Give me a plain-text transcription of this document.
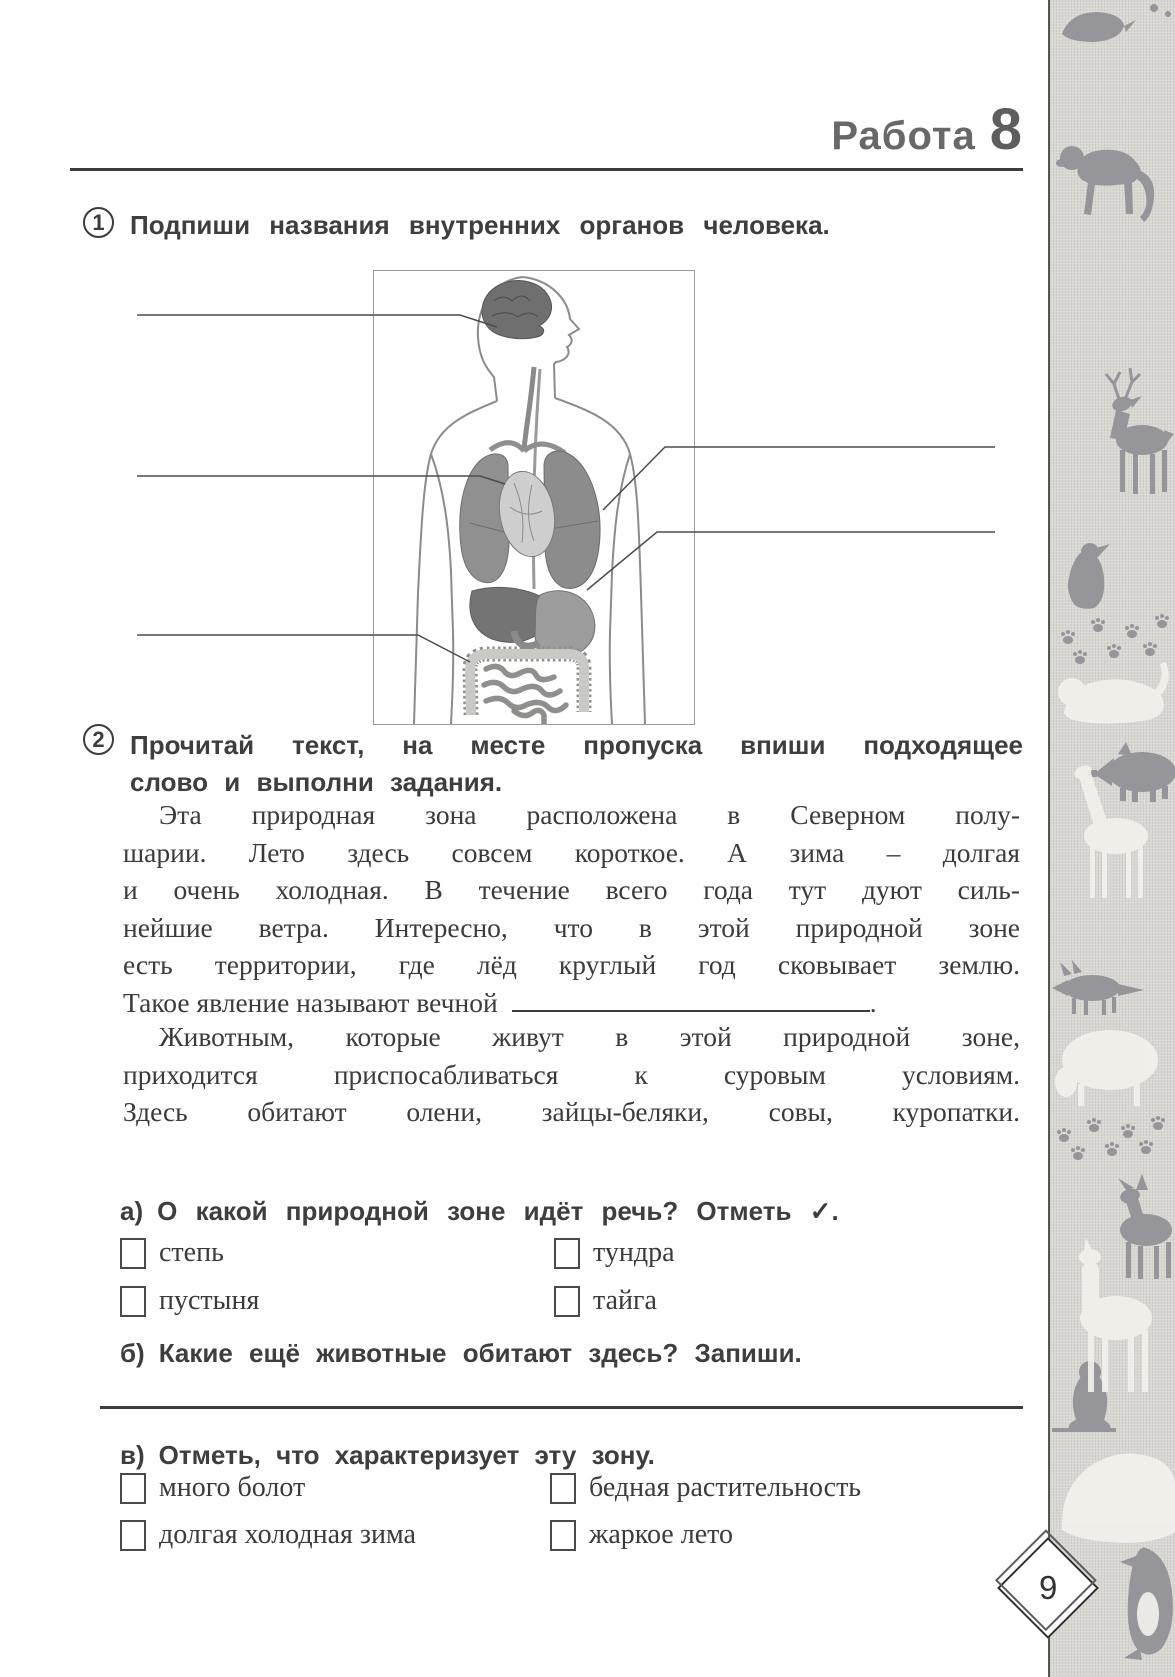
Работа 8
1 Подпиши названия внутренних органов человека.
2 Прочитай текст, на месте пропуска впиши подходящее
слово и выполни задания.
Эта природная зона расположена в Северном полу-
шарии. Лето здесь совсем короткое. А зима – долгая
и очень холодная. В течение всего года тут дуют силь-
нейшие ветра. Интересно, что в этой природной зоне
есть территории, где лёд круглый год сковывает землю.
Такое явление называют вечной	.
Животным, которые живут в этой природной зоне,
приходится приспосабливаться к суровым условиям.
Здесь обитают олени, зайцы-беляки, совы, куропатки.
а) О какой природной зоне идёт речь? Отметь ✓.
степь	тундра
пустыня	тайга
б) Какие ещё животные обитают здесь? Запиши.
в) Отметь, что характеризует эту зону.
много болот	бедная растительность
долгая холодная зима	жаркое лето
9
